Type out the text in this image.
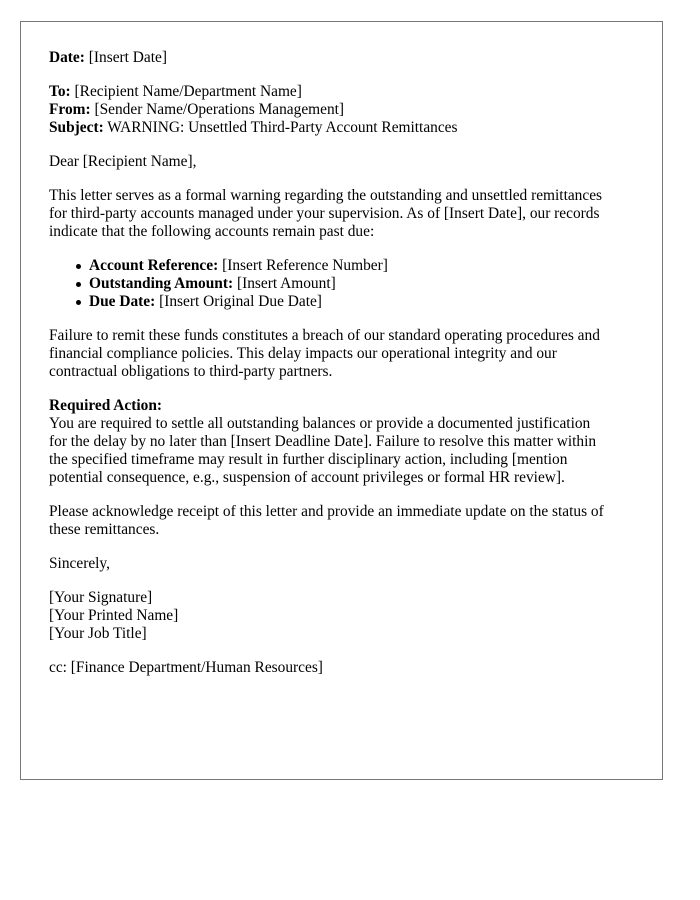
Date: [Insert Date]
To: [Recipient Name/Department Name]
From: [Sender Name/Operations Management]
Subject: WARNING: Unsettled Third-Party Account Remittances
Dear [Recipient Name],
This letter serves as a formal warning regarding the outstanding and unsettled remittances
for third-party accounts managed under your supervision. As of [Insert Date], our records
indicate that the following accounts remain past due:
Account Reference: [Insert Reference Number]
Outstanding Amount: [Insert Amount]
Due Date: [Insert Original Due Date]
Failure to remit these funds constitutes a breach of our standard operating procedures and
financial compliance policies. This delay impacts our operational integrity and our
contractual obligations to third-party partners.
Required Action:
You are required to settle all outstanding balances or provide a documented justification
for the delay by no later than [Insert Deadline Date]. Failure to resolve this matter within
the specified timeframe may result in further disciplinary action, including [mention
potential consequence, e.g., suspension of account privileges or formal HR review].
Please acknowledge receipt of this letter and provide an immediate update on the status of
these remittances.
Sincerely,
[Your Signature]
[Your Printed Name]
[Your Job Title]
cc: [Finance Department/Human Resources]
